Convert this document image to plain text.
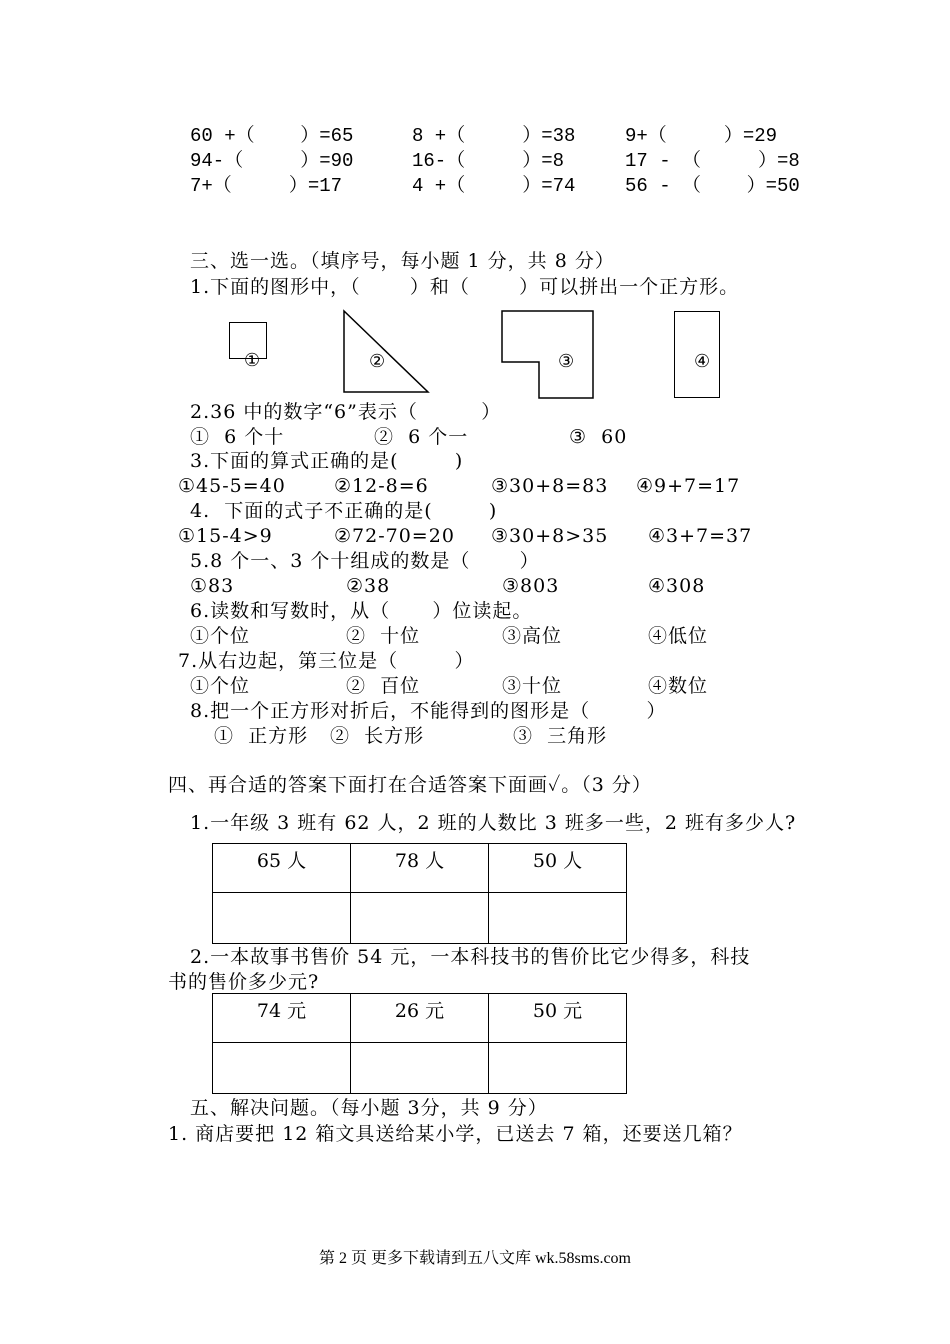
60 +（    ）=65	8 +（     ）=38	9+（     ）=29
94-（     ）=90	16-（     ）=8	17 - （     ）=8
7+（     ）=17	4 +（     ）=74	56 - （    ）=50
三、选一选。（填序号，每小题 1 分，共 8 分）
1.下面的图形中，（       ）和（       ）可以拼出一个正方形。
①	②	③	④
2.36 中的数字“6”表示（         ）
①  6 个十	②  6 个一	③  60
3.下面的算式正确的是(        )
①45-5=40	②12-8=6	③30+8=83 ④9+7=17
4.  下面的式子不正确的是(        )
①15-4>9	②72-70=20 ③30+8>35 ④3+7=37
5.8 个一、3 个十组成的数是（       ）
①83	②38	③803	④308
6.读数和写数时，从（      ）位读起。
①个位	②  十位	③高位	④低位
7.从右边起，第三位是（        ）
①个位	②  百位	③十位	④数位
8.把一个正方形对折后，不能得到的图形是（        ）
①  正方形 ②  长方形	③  三角形
四、再合适的答案下面打在合适答案下面画✓。（3 分）
1.一年级 3 班有 62 人，2 班的人数比 3 班多一些，2 班有多少人?
65 人	78 人	50 人

2.一本故事书售价 54 元，一本科技书的售价比它少得多，科技
书的售价多少元?
74 元	26 元	50 元

五、解决问题。（每小题 3分，共 9 分）
1. 商店要把 12 箱文具送给某小学，已送去 7 箱，还要送几箱？
第 2 页 更多下载请到五八文库 wk.58sms.com
